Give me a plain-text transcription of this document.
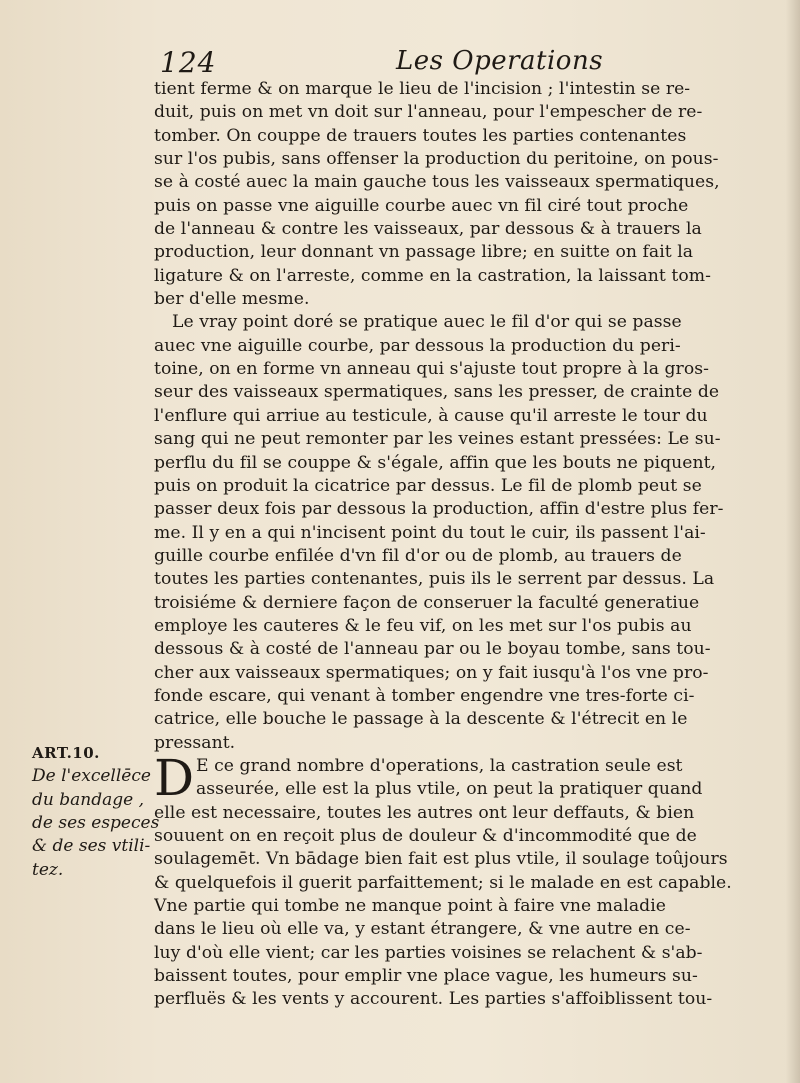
124	Les Operations
ART.10.
De l'excellēce
du bandage ,
de ses especes
& de ses vtili-
tez.
tient ferme & on marque le lieu de l'incision ; l'intestin se re-
duit, puis on met vn doit sur l'anneau, pour l'empescher de re-
tomber. On couppe de trauers toutes les parties contenantes
sur l'os pubis, sans offenser la production du peritoine, on pous-
se à costé auec la main gauche tous les vaisseaux spermatiques,
puis on passe vne aiguille courbe auec vn fil ciré tout proche
de l'anneau & contre les vaisseaux, par dessous & à trauers la
production, leur donnant vn passage libre; en suitte on fait la
ligature & on l'arreste, comme en la castration, la laissant tom-
ber d'elle mesme.
Le vray point doré se pratique auec le fil d'or qui se passe
auec vne aiguille courbe, par dessous la production du peri-
toine, on en forme vn anneau qui s'ajuste tout propre à la gros-
seur des vaisseaux spermatiques, sans les presser, de crainte de
l'enflure qui arriue au testicule, à cause qu'il arreste le tour du
sang qui ne peut remonter par les veines estant pressées: Le su-
perflu du fil se couppe & s'égale, affin que les bouts ne piquent,
puis on produit la cicatrice par dessus. Le fil de plomb peut se
passer deux fois par dessous la production, affin d'estre plus fer-
me. Il y en a qui n'incisent point du tout le cuir, ils passent l'ai-
guille courbe enfilée d'vn fil d'or ou de plomb, au trauers de
toutes les parties contenantes, puis ils le serrent par dessus. La
troisiéme & derniere façon de conseruer la faculté generatiue
employe les cauteres & le feu vif, on les met sur l'os pubis au
dessous & à costé de l'anneau par ou le boyau tombe, sans tou-
cher aux vaisseaux spermatiques; on y fait iusqu'à l'os vne pro-
fonde escare, qui venant à tomber engendre vne tres-forte ci-
catrice, elle bouche le passage à la descente & l'étrecit en le
pressant.
D E ce grand nombre d'operations, la castration seule est
asseurée, elle est la plus vtile, on peut la pratiquer quand
elle est necessaire, toutes les autres ont leur deffauts, & bien
souuent on en reçoit plus de douleur & d'incommodité que de
soulagemēt. Vn bādage bien fait est plus vtile, il soulage toûjours
& quelquefois il guerit parfaittement; si le malade en est capable.
Vne partie qui tombe ne manque point à faire vne maladie
dans le lieu où elle va, y estant étrangere, & vne autre en ce-
luy d'où elle vient; car les parties voisines se relachent & s'ab-
baissent toutes, pour emplir vne place vague, les humeurs su-
perfluës & les vents y accourent. Les parties s'affoiblissent tou-
